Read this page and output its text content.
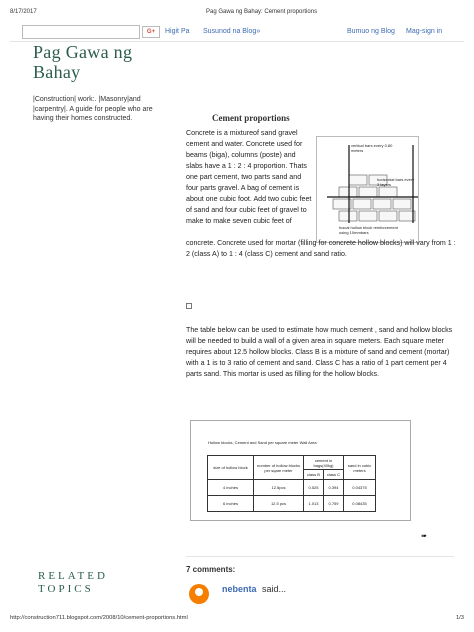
8/17/2017	Pag Gawa ng Bahay: Cement proportions
G+	Higit Pa Susunod na Blog»	Bumuo ng Blog Mag-sign in
Pag Gawa ng Bahay
|Construction| work:. |Masonry|and |carpentry|. A guide for people who are having their homes constructed.	Cement proportions
Concrete is a mixtureof sand gravel cement and water. Concrete used for beams (biga), columns (poste) and slabs have a 1 : 2 : 4 proportion. Thats one part cement, two parts sand and four parts gravel. A bag of cement is about one cubic foot. Add two cubic feet of sand and four cubic feet of gravel to make to make seven cubic feet of
vertical bars every 0.80 meters
horizontal bars every 3 layers
fuscal hollow block reinforcement using 10mmbars
concrete. Concrete used for mortar (filling for concrete hollow blocks) will vary from 1 : 2 (class A) to 1 : 4 (class C) cement and sand ratio.
The table below can be used to estimate how much cement , sand and hollow blocks will be needed to build a wall of a given area in square meters. Each square meter requires about 12.5 hollow blocks. Class B is a mixture of sand and cement (mortar) with a 1 is to 3 ratio of cement and sand. Class C has a ratio of 1 part cement per 4 parts sand. This mortar is used as filling for the hollow blocks.
Hollow blocks, Cement and Sand per square meter Wall Area
size of hollow block	number of hollow blocks per sqare meter	cement in bags(40kg)		sand in cubic meters
		class B	class C	
4 inches	12.5pcs	0.525	0.394	0.04375
6 inches	12.5 pcs	1.013	0.759	0.08435
➠
7 comments:
nebenta said...
RELATED
TOPICS
http://construction711.blogspot.com/2008/10/cement-proportions.html	1/3
